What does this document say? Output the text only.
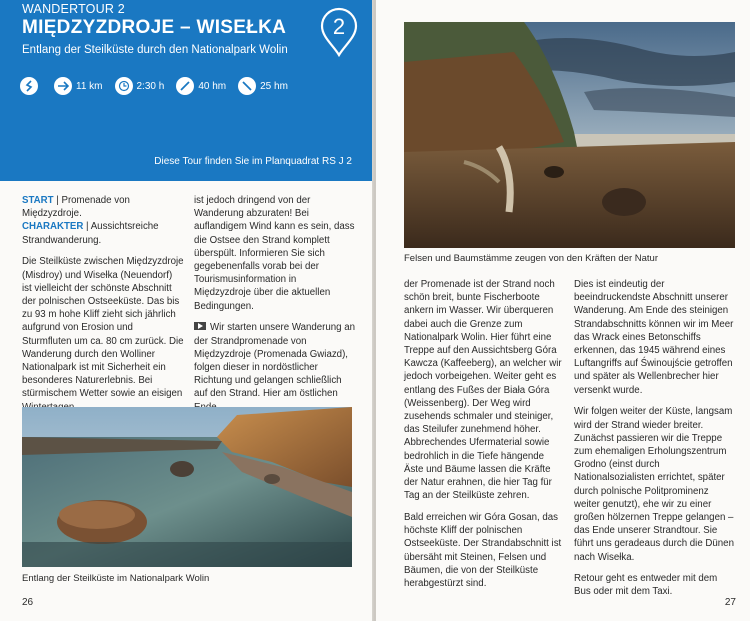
WANDERTOUR 2
MIĘDZYZDROJE – WISEŁKA
Entlang der Steilküste durch den Nationalpark Wolin
2
11 km	2:30 h	40 hm	25 hm
Diese Tour finden Sie im Planquadrat RS J 2

START | Promenade von Międzyzdroje.
CHARAKTER | Aussichtsreiche Strandwanderung.

Die Steilküste zwischen Międzyzdroje (Misdroy) und Wisełka (Neuendorf) ist vielleicht der schönste Abschnitt der polnischen Ostseeküste. Das bis zu 93 m hohe Kliff zieht sich jährlich aufgrund von Erosion und Sturmfluten um ca. 80 cm zurück. Die Wanderung durch den Wolliner Nationalpark ist mit Sicherheit ein besonderes Naturerlebnis. Bei stürmischem Wetter sowie an eisigen

ist jedoch dringend von der Wanderung abzuraten! Bei auflandigem Wind kann es sein, dass die Ostsee den Strand komplett überspült. Informieren Sie sich gegebenenfalls vorab bei der Tourismusinformation in Międzyzdroje über die aktuellen Bedingungen.

Wir starten unsere Wanderung an der Strandpromenade von Międzyzdroje (Promenada Gwiazd), folgen dieser in nordöstlicher Richtung und gelangen schließlich auf den Strand. Hier am östlichen

Entlang der Steilküste im Nationalpark Wolin
26
Felsen und Baumstämme zeugen von den Kräften der Natur

der Promenade ist der Strand noch schön breit, bunte Fischerboote ankern im Wasser. Wir überqueren dabei auch die Grenze zum Nationalpark Wolin. Hier führt eine Treppe auf den Aussichtsberg Góra Kawcza (Kaffeeberg), an welcher wir jedoch vorbeigehen. Weiter geht es entlang des Fußes der Biała Góra (Weissenberg). Der Weg wird zusehends schmaler und steiniger, das Steilufer zunehmend höher. Abbrechendes Ufermaterial sowie bedrohlich in die Tiefe hängende Äste und Bäume lassen die Kräfte der Natur erahnen, die hier Tag für Tag an der Steilküste zehren.

Bald erreichen wir Góra Gosan, das höchste Kliff der polnischen Ostseeküste. Der Strandabschnitt ist übersäht mit Steinen, Felsen und Bäumen, die von der Steilküste herabgestürzt sind.

Dies ist eindeutig der beeindruckendste Abschnitt unserer Wanderung. Am Ende des steinigen Strandabschnitts können wir im Meer das Wrack eines Betonschiffs erkennen, das 1945 während eines Luftangriffs auf Świnoujście getroffen und später als Wellenbrecher hier versenkt wurde.

Wir folgen weiter der Küste, langsam wird der Strand wieder breiter. Zunächst passieren wir die Treppe zum ehemaligen Erholungszentrum Grodno (einst durch Nationalsozialisten errichtet, später durch polnische Politprominenz weiter genutzt), ehe wir zu einer großen hölzernen Treppe gelangen – das Ende unserer Strandtour. Sie führt uns geradeaus durch die Dünen nach Wisełka.

Retour geht es entweder mit dem Bus oder mit dem Taxi.

27
